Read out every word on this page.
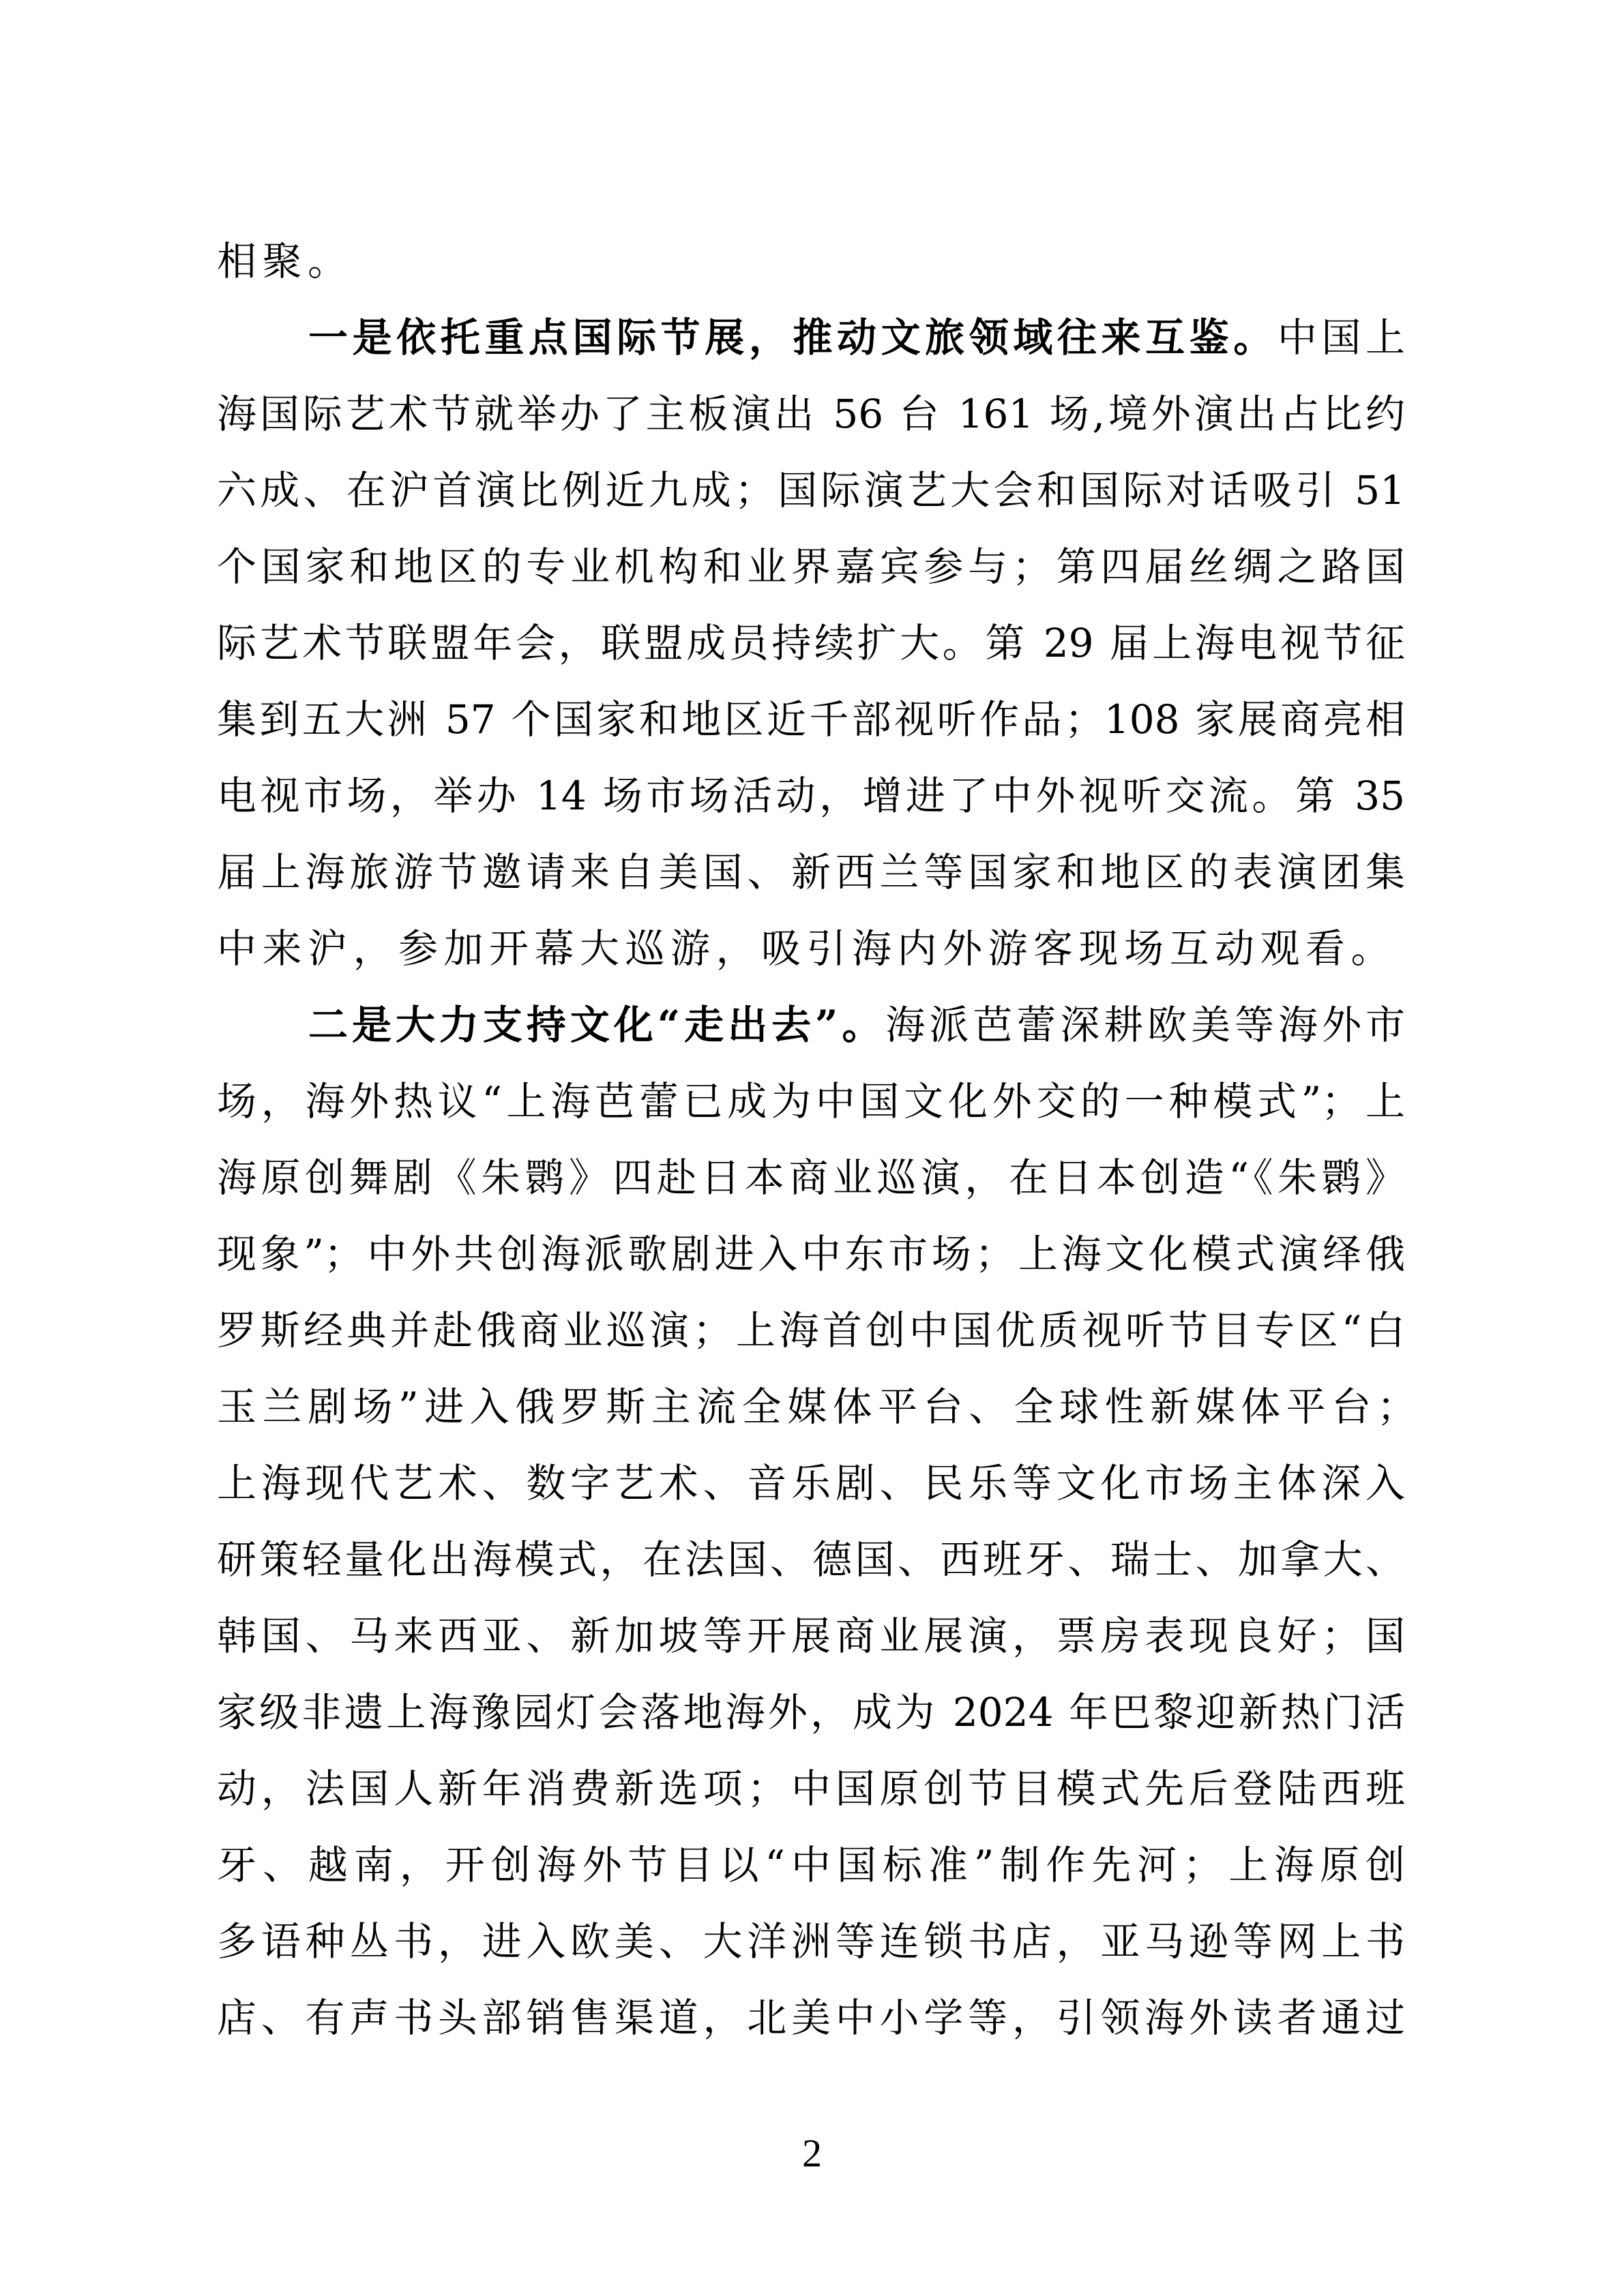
相聚。
一是依托重点国际节展，推动文旅领域往来互鉴。中国上
海国际艺术节就举办了主板演出 56 台 161 场,境外演出占比约
六成、在沪首演比例近九成；国际演艺大会和国际对话吸引 51
个国家和地区的专业机构和业界嘉宾参与；第四届丝绸之路国
际艺术节联盟年会，联盟成员持续扩大。第 29 届上海电视节征
集到五大洲 57 个国家和地区近千部视听作品；108 家展商亮相
电视市场，举办 14 场市场活动，增进了中外视听交流。第 35
届上海旅游节邀请来自美国、新西兰等国家和地区的表演团集
中来沪，参加开幕大巡游，吸引海内外游客现场互动观看。
二是大力支持文化“走出去”。海派芭蕾深耕欧美等海外市
场，海外热议“上海芭蕾已成为中国文化外交的一种模式”；上
海原创舞剧《朱鹮》四赴日本商业巡演，在日本创造“《朱鹮》
现象”；中外共创海派歌剧进入中东市场；上海文化模式演绎俄
罗斯经典并赴俄商业巡演；上海首创中国优质视听节目专区“白
玉兰剧场”进入俄罗斯主流全媒体平台、全球性新媒体平台；
上海现代艺术、数字艺术、音乐剧、民乐等文化市场主体深入
研策轻量化出海模式，在法国、德国、西班牙、瑞士、加拿大、
韩国、马来西亚、新加坡等开展商业展演，票房表现良好；国
家级非遗上海豫园灯会落地海外，成为 2024 年巴黎迎新热门活
动，法国人新年消费新选项；中国原创节目模式先后登陆西班
牙、越南，开创海外节目以“中国标准”制作先河；上海原创
多语种丛书，进入欧美、大洋洲等连锁书店，亚马逊等网上书
店、有声书头部销售渠道，北美中小学等，引领海外读者通过
2
